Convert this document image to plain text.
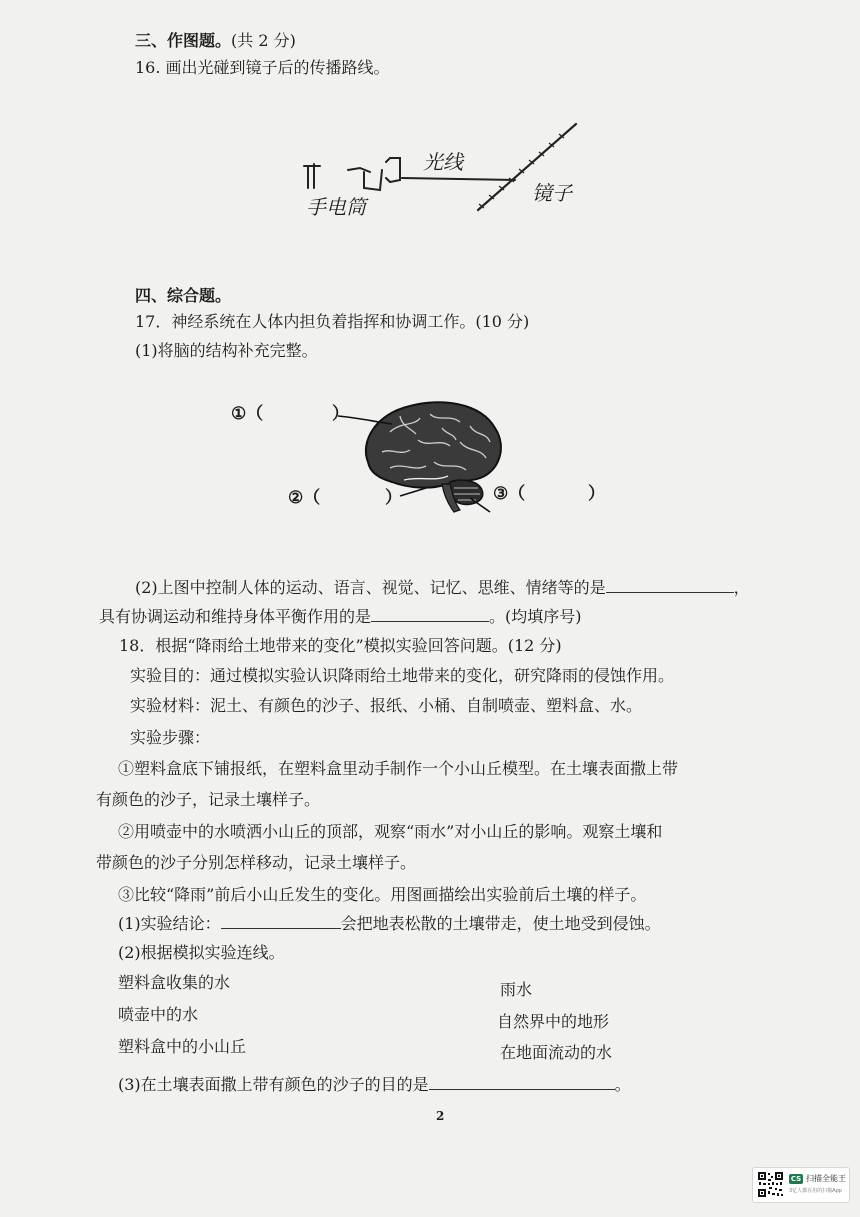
三、作图题。(共 2 分)
16. 画出光碰到镜子后的传播路线。
手电筒
光线
镜子
四、综合题。
17．神经系统在人体内担负着指挥和协调工作。(10 分)
(1)将脑的结构补充完整。
①（	）
②（	）	③（	）
(2)上图中控制人体的运动、语言、视觉、记忆、思维、情绪等的是	，
具有协调运动和维持身体平衡作用的是	。(均填序号)
18．根据“降雨给土地带来的变化”模拟实验回答问题。(12 分)
实验目的：通过模拟实验认识降雨给土地带来的变化，研究降雨的侵蚀作用。
实验材料：泥土、有颜色的沙子、报纸、小桶、自制喷壶、塑料盒、水。
实验步骤：
①塑料盒底下铺报纸，在塑料盒里动手制作一个小山丘模型。在土壤表面撒上带
有颜色的沙子，记录土壤样子。
②用喷壶中的水喷洒小山丘的顶部，观察“雨水”对小山丘的影响。观察土壤和
带颜色的沙子分别怎样移动，记录土壤样子。
③比较“降雨”前后小山丘发生的变化。用图画描绘出实验前后土壤的样子。
(1)实验结论：	会把地表松散的土壤带走，使土地受到侵蚀。
(2)根据模拟实验连线。
塑料盒收集的水
喷壶中的水
塑料盒中的小山丘
雨水
自然界中的地形
在地面流动的水
(3)在土壤表面撒上带有颜色的沙子的目的是	。
2
CS 扫描全能王
3亿人都在用的扫描App
